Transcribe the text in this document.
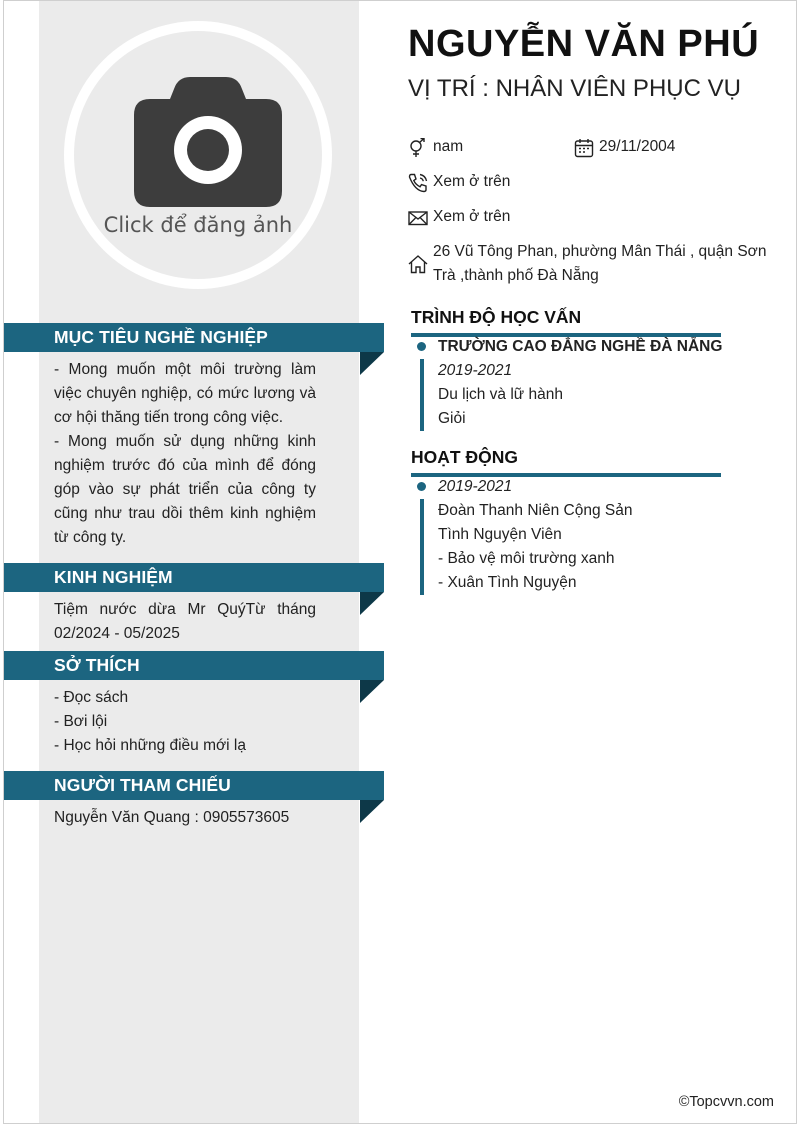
Click để đăng ảnh
MỤC TIÊU NGHỀ NGHIỆP
- Mong muốn một môi trường làm việc chuyên nghiệp, có mức lương và cơ hội thăng tiến trong công việc.
- Mong muốn sử dụng những kinh nghiệm trước đó của mình để đóng góp vào sự phát triển của công ty cũng như trau dồi thêm kinh nghiệm từ công ty.
KINH NGHIỆM
Tiệm nước dừa Mr QuýTừ tháng 02/2024 - 05/2025
SỞ THÍCH
- Đọc sách
- Bơi lội
- Học hỏi những điều mới lạ
NGƯỜI THAM CHIẾU
Nguyễn Văn Quang : 0905573605
NGUYỄN VĂN PHÚ
VỊ TRÍ : NHÂN VIÊN PHỤC VỤ
nam	29/11/2004
Xem ở trên
Xem ở trên
26 Vũ Tông Phan, phường Mân Thái , quận Sơn Trà ,thành phố Đà Nẵng
TRÌNH ĐỘ HỌC VẤN
TRƯỜNG CAO ĐẲNG NGHỀ ĐÀ NẴNG
2019-2021
Du lịch và lữ hành
Giỏi
HOẠT ĐỘNG
2019-2021
Đoàn Thanh Niên Cộng Sản
Tình Nguyện Viên
- Bảo vệ môi trường xanh
- Xuân Tình Nguyện
©Topcvvn.com
